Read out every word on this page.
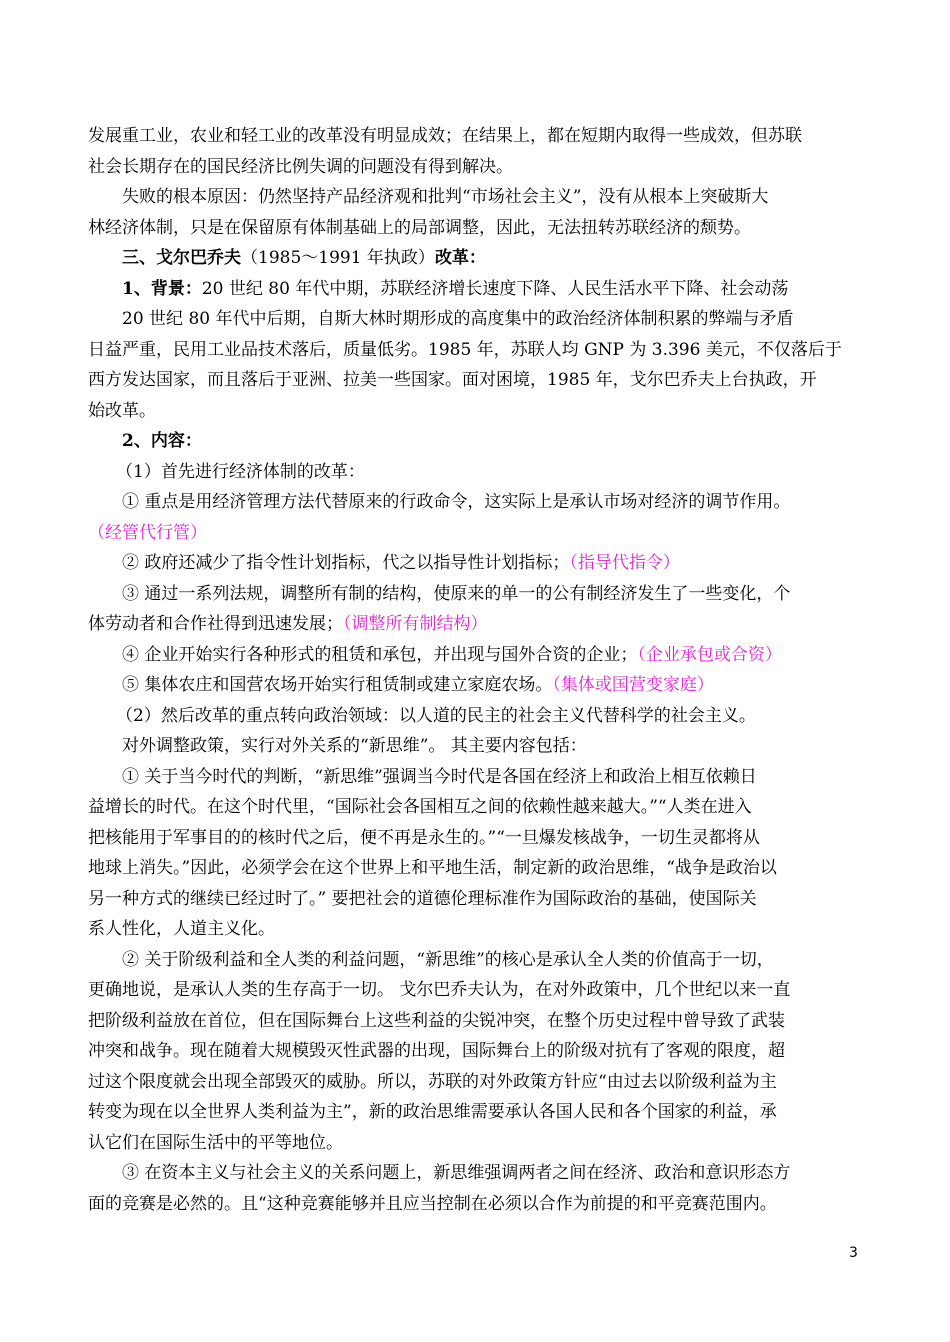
发展重工业，农业和轻工业的改革没有明显成效；在结果上，都在短期内取得一些成效，但苏联
社会长期存在的国民经济比例失调的问题没有得到解决。
失败的根本原因：仍然坚持产品经济观和批判“市场社会主义”，没有从根本上突破斯大
林经济体制，只是在保留原有体制基础上的局部调整，因此，无法扭转苏联经济的颓势。
三、戈尔巴乔夫（1985～1991 年执政）改革：
1、背景：20 世纪 80 年代中期，苏联经济增长速度下降、人民生活水平下降、社会动荡
20 世纪 80 年代中后期，自斯大林时期形成的高度集中的政治经济体制积累的弊端与矛盾
日益严重，民用工业品技术落后，质量低劣。1985 年，苏联人均 GNP 为 3.396 美元，不仅落后于
西方发达国家，而且落后于亚洲、拉美一些国家。面对困境，1985 年，戈尔巴乔夫上台执政，开
始改革。
2、内容：
（1）首先进行经济体制的改革：
① 重点是用经济管理方法代替原来的行政命令，这实际上是承认市场对经济的调节作用。
（经管代行管）
② 政府还减少了指令性计划指标，代之以指导性计划指标；（指导代指令）
③ 通过一系列法规，调整所有制的结构，使原来的单一的公有制经济发生了一些变化，个
体劳动者和合作社得到迅速发展；（调整所有制结构）
④ 企业开始实行各种形式的租赁和承包，并出现与国外合资的企业；（企业承包或合资）
⑤ 集体农庄和国营农场开始实行租赁制或建立家庭农场。（集体或国营变家庭）
（2）然后改革的重点转向政治领域：以人道的民主的社会主义代替科学的社会主义。
对外调整政策，实行对外关系的“新思维”。 其主要内容包括：
① 关于当今时代的判断，“新思维”强调当今时代是各国在经济上和政治上相互依赖日
益增长的时代。在这个时代里，“国际社会各国相互之间的依赖性越来越大。”“人类在进入
把核能用于军事目的的核时代之后，便不再是永生的。”“一旦爆发核战争，一切生灵都将从
地球上消失。”因此，必须学会在这个世界上和平地生活，制定新的政治思维，“战争是政治以
另一种方式的继续已经过时了。” 要把社会的道德伦理标准作为国际政治的基础，使国际关
系人性化，人道主义化。
② 关于阶级利益和全人类的利益问题，“新思维”的核心是承认全人类的价值高于一切，
更确地说，是承认人类的生存高于一切。 戈尔巴乔夫认为，在对外政策中，几个世纪以来一直
把阶级利益放在首位，但在国际舞台上这些利益的尖锐冲突，在整个历史过程中曾导致了武装
冲突和战争。现在随着大规模毁灭性武器的出现，国际舞台上的阶级对抗有了客观的限度，超
过这个限度就会出现全部毁灭的威胁。所以，苏联的对外政策方针应“由过去以阶级利益为主
转变为现在以全世界人类利益为主”，新的政治思维需要承认各国人民和各个国家的利益，承
认它们在国际生活中的平等地位。
③ 在资本主义与社会主义的关系问题上，新思维强调两者之间在经济、政治和意识形态方
面的竞赛是必然的。且“这种竞赛能够并且应当控制在必须以合作为前提的和平竞赛范围内。
3
